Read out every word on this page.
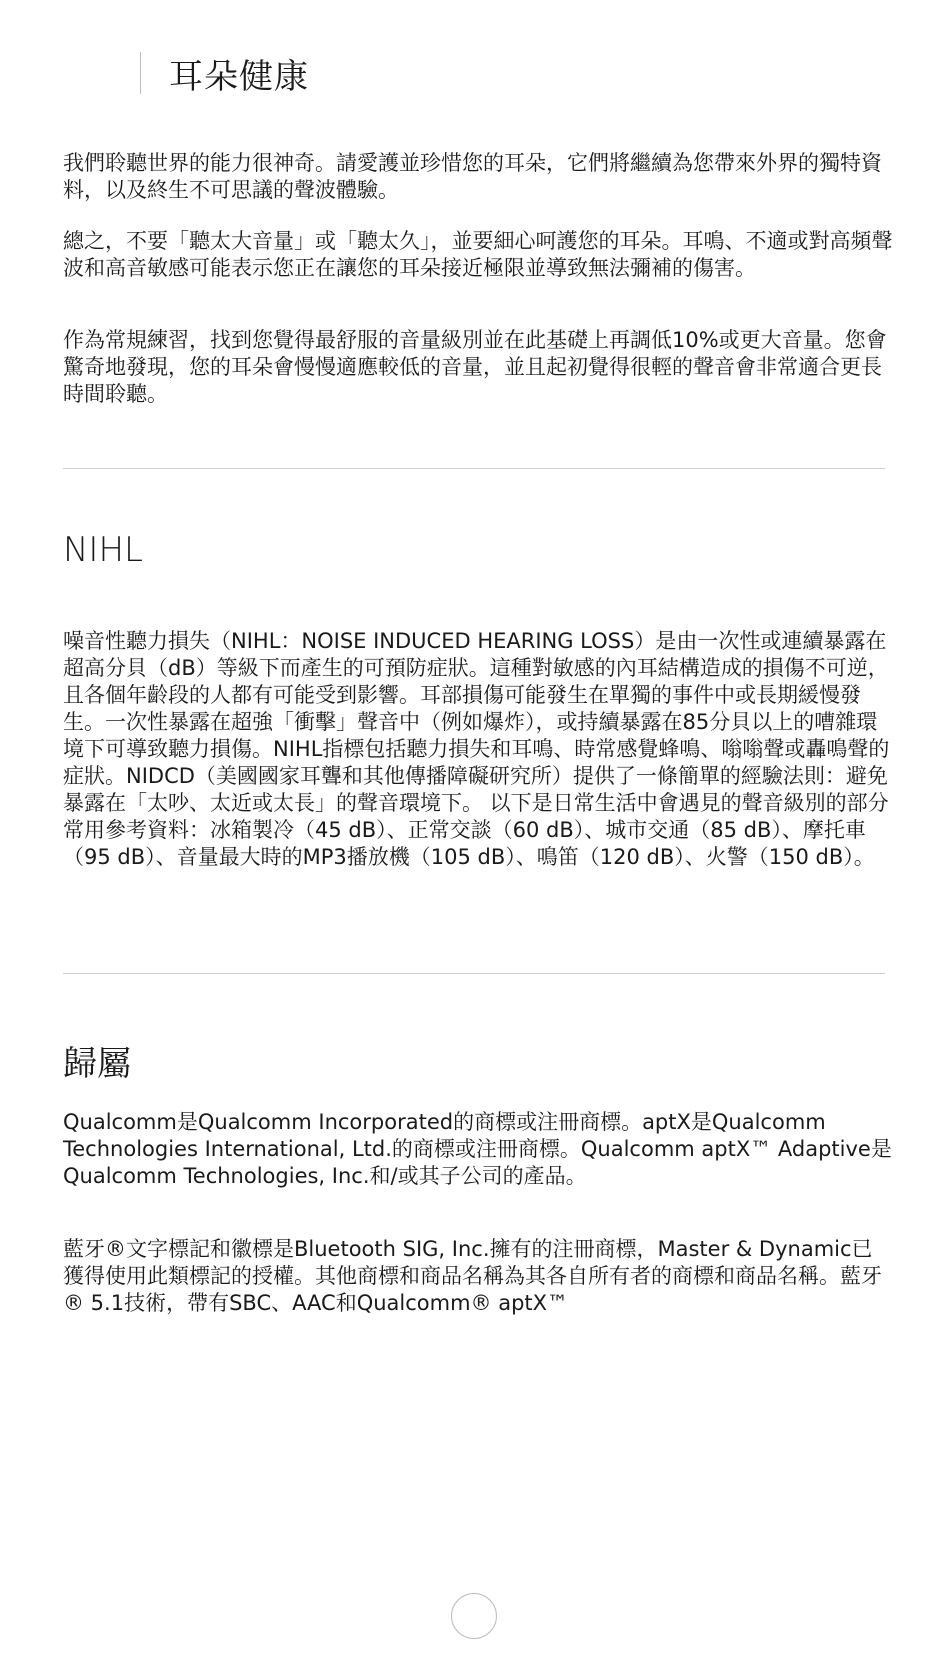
耳朵健康

我們聆聽世界的能力很神奇。請愛護並珍惜您的耳朵，它們將繼續為您帶來外界的獨特資料，以及終生不可思議的聲波體驗。

總之，不要「聽太大音量」或「聽太久」，並要細心呵護您的耳朵。耳鳴、不適或對高頻聲波和高音敏感可能表示您正在讓您的耳朵接近極限並導致無法彌補的傷害。

作為常規練習，找到您覺得最舒服的音量級別並在此基礎上再調低10%或更大音量。您會驚奇地發現，您的耳朵會慢慢適應較低的音量，並且起初覺得很輕的聲音會非常適合更長時間聆聽。

NIHL

噪音性聽力損失（NIHL：NOISE INDUCED HEARING LOSS）是由一次性或連續暴露在超高分貝（dB）等級下而產生的可預防症狀。這種對敏感的內耳結構造成的損傷不可逆，且各個年齡段的人都有可能受到影響。耳部損傷可能發生在單獨的事件中或長期緩慢發生。一次性暴露在超強「衝擊」聲音中（例如爆炸），或持續暴露在85分貝以上的嘈雜環境下可導致聽力損傷。NIHL指標包括聽力損失和耳鳴、時常感覺蜂鳴、嗡嗡聲或轟鳴聲的症狀。NIDCD（美國國家耳聾和其他傳播障礙研究所）提供了一條簡單的經驗法則：避免暴露在「太吵、太近或太長」的聲音環境下。 以下是日常生活中會遇見的聲音級別的部分常用參考資料：冰箱製冷（45 dB）、正常交談（60 dB）、城市交通（85 dB）、摩托車（95 dB）、音量最大時的MP3播放機（105 dB）、鳴笛（120 dB）、火警（150 dB）。

歸屬

Qualcomm是Qualcomm Incorporated的商標或注冊商標。aptX是Qualcomm Technologies International, Ltd.的商標或注冊商標。Qualcomm aptX™ Adaptive是Qualcomm Technologies, Inc.和/或其子公司的產品。

藍牙®文字標記和徽標是Bluetooth SIG, Inc.擁有的注冊商標，Master & Dynamic已獲得使用此類標記的授權。其他商標和商品名稱為其各自所有者的商標和商品名稱。藍牙® 5.1技術，帶有SBC、AAC和Qualcomm® aptX™
